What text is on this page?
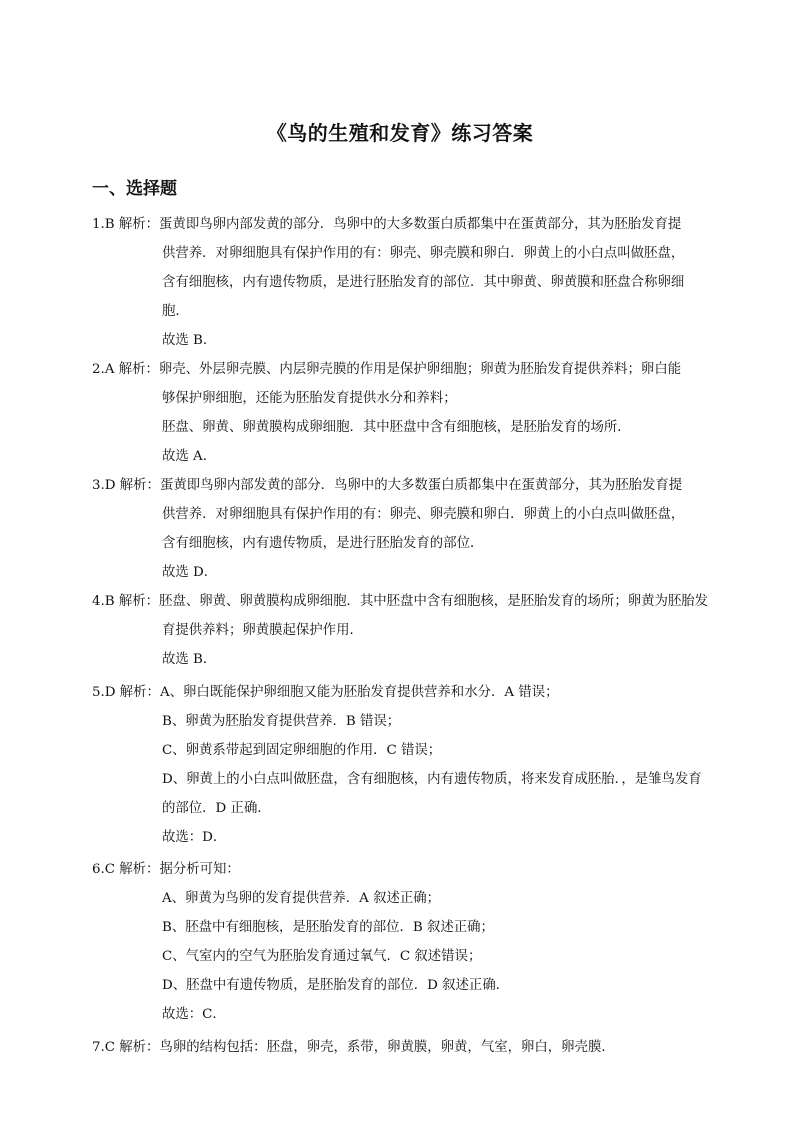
《鸟的生殖和发育》练习答案
一、选择题
1.B 解析：蛋黄即鸟卵内部发黄的部分．鸟卵中的大多数蛋白质都集中在蛋黄部分，其为胚胎发育提
供营养．对卵细胞具有保护作用的有：卵壳、卵壳膜和卵白．卵黄上的小白点叫做胚盘，
含有细胞核，内有遗传物质，是进行胚胎发育的部位．其中卵黄、卵黄膜和胚盘合称卵细
胞．
故选 B．
2.A 解析：卵壳、外层卵壳膜、内层卵壳膜的作用是保护卵细胞；卵黄为胚胎发育提供养料；卵白能
够保护卵细胞，还能为胚胎发育提供水分和养料；
胚盘、卵黄、卵黄膜构成卵细胞．其中胚盘中含有细胞核，是胚胎发育的场所．
故选 A．
3.D 解析：蛋黄即鸟卵内部发黄的部分．鸟卵中的大多数蛋白质都集中在蛋黄部分，其为胚胎发育提
供营养．对卵细胞具有保护作用的有：卵壳、卵壳膜和卵白．卵黄上的小白点叫做胚盘，
含有细胞核，内有遗传物质，是进行胚胎发育的部位．
故选 D．
4.B 解析：胚盘、卵黄、卵黄膜构成卵细胞．其中胚盘中含有细胞核，是胚胎发育的场所；卵黄为胚胎发
育提供养料；卵黄膜起保护作用．
故选 B．
5.D 解析：A、卵白既能保护卵细胞又能为胚胎发育提供营养和水分．A 错误；
B、卵黄为胚胎发育提供营养．B 错误；
C、卵黄系带起到固定卵细胞的作用．C 错误；
D、卵黄上的小白点叫做胚盘，含有细胞核，内有遗传物质，将来发育成胚胎．，是雏鸟发育
的部位．D 正确．
故选：D．
6.C 解析：据分析可知：
A、卵黄为鸟卵的发育提供营养．A 叙述正确；
B、胚盘中有细胞核，是胚胎发育的部位．B 叙述正确；
C、气室内的空气为胚胎发育通过氧气．C 叙述错误；
D、胚盘中有遗传物质，是胚胎发育的部位．D 叙述正确．
故选：C．
7.C 解析：鸟卵的结构包括：胚盘，卵壳，系带，卵黄膜，卵黄，气室，卵白，卵壳膜．
